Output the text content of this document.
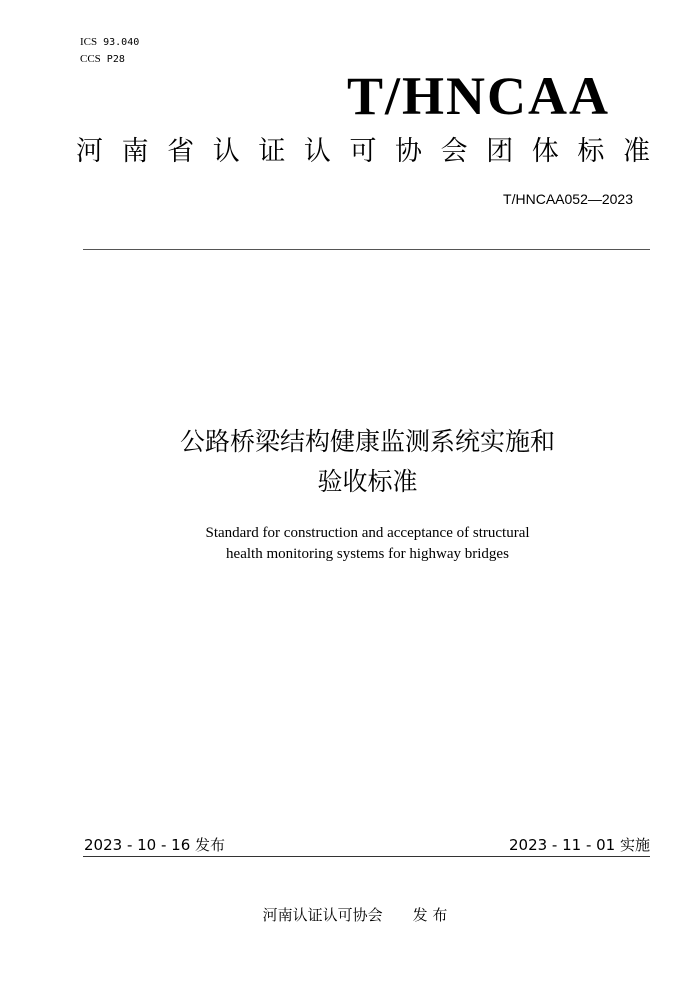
ICS 93.040
CCS P28
T/HNCAA
河 南 省 认 证 认 可 协 会 团 体 标 准
T/HNCAA052—2023
公路桥梁结构健康监测系统实施和
验收标准
Standard for construction and acceptance of structural
health monitoring systems for highway bridges
2023 - 10 - 16 发布	2023 - 11 - 01 实施
河南认证认可协会 发 布
